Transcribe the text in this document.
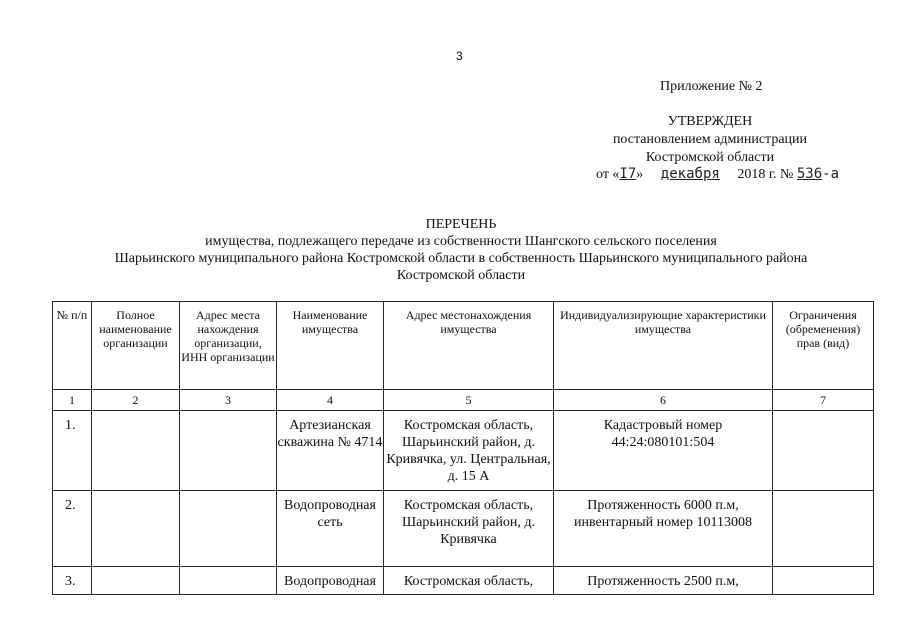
3
Приложение № 2
УТВЕРЖДЕН
постановлением администрации
Костромской области
от «I7» декабря 2018 г. № 536-а
ПЕРЕЧЕНЬ
имущества, подлежащего передаче из собственности Шангского сельского поселения
Шарьинского муниципального района Костромской области в собственность Шарьинского муниципального района
Костромской области
№ п/п	Полное наименование организации	Адрес места нахождения организации, ИНН организации	Наименование имущества	Адрес местонахождения имущества	Индивидуализирующие характеристики имущества	Ограничения (обременения) прав (вид)
1	2	3	4	5	6	7
1.			Артезианская скважина № 4714	Костромская область, Шарьинский район, д. Кривячка, ул. Центральная, д. 15 А	Кадастровый номер 44:24:080101:504	
2.			Водопроводная сеть	Костромская область, Шарьинский район, д. Кривячка	Протяженность 6000 п.м, инвентарный номер 10113008	
3.			Водопроводная	Костромская область,	Протяженность 2500 п.м,	
